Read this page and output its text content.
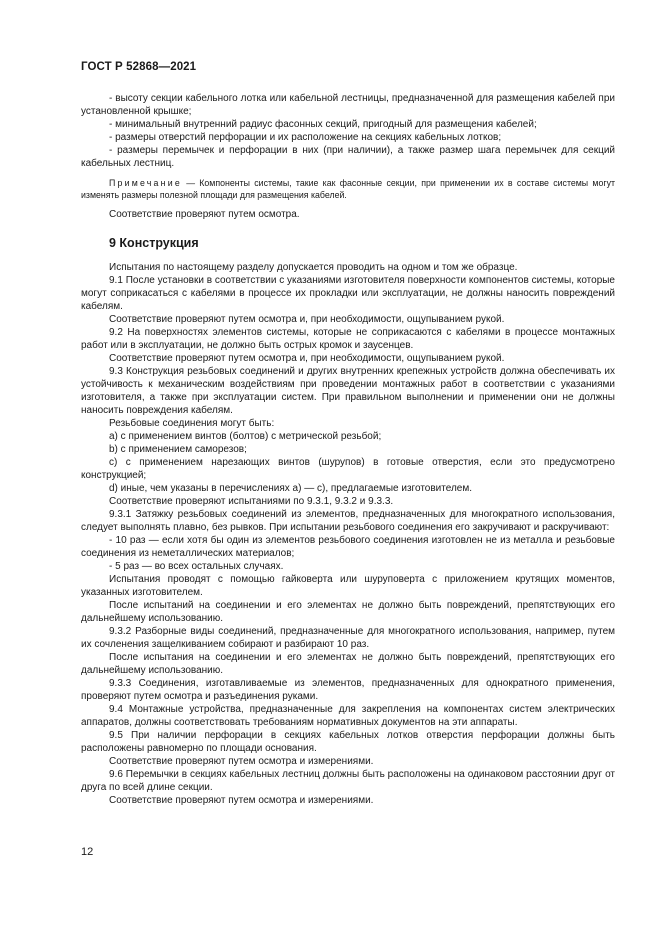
ГОСТ Р 52868—2021

- высоту секции кабельного лотка или кабельной лестницы, предназначенной для размещения кабелей при установленной крышке;

- минимальный внутренний радиус фасонных секций, пригодный для размещения кабелей;

- размеры отверстий перфорации и их расположение на секциях кабельных лотков;

- размеры перемычек и перфорации в них (при наличии), а также размер шага перемычек для секций кабельных лестниц.

Примечание — Компоненты системы, такие как фасонные секции, при применении их в составе системы могут изменять размеры полезной площади для размещения кабелей.

Соответствие проверяют путем осмотра.

9 Конструкция

Испытания по настоящему разделу допускается проводить на одном и том же образце.

9.1 После установки в соответствии с указаниями изготовителя поверхности компонентов системы, которые могут соприкасаться с кабелями в процессе их прокладки или эксплуатации, не должны наносить повреждений кабелям.

Соответствие проверяют путем осмотра и, при необходимости, ощупыванием рукой.

9.2 На поверхностях элементов системы, которые не соприкасаются с кабелями в процессе монтажных работ или в эксплуатации, не должно быть острых кромок и заусенцев.

Соответствие проверяют путем осмотра и, при необходимости, ощупыванием рукой.

9.3 Конструкция резьбовых соединений и других внутренних крепежных устройств должна обеспечивать их устойчивость к механическим воздействиям при проведении монтажных работ в соответствии с указаниями изготовителя, а также при эксплуатации систем. При правильном выполнении и применении они не должны наносить повреждения кабелям.

Резьбовые соединения могут быть:

a) с применением винтов (болтов) с метрической резьбой;

b) с применением саморезов;

c) с применением нарезающих винтов (шурупов) в готовые отверстия, если это предусмотрено конструкцией;

d) иные, чем указаны в перечислениях a) — c), предлагаемые изготовителем.

Соответствие проверяют испытаниями по 9.3.1, 9.3.2 и 9.3.3.

9.3.1 Затяжку резьбовых соединений из элементов, предназначенных для многократного использования, следует выполнять плавно, без рывков. При испытании резьбового соединения его закручивают и раскручивают:

- 10 раз — если хотя бы один из элементов резьбового соединения изготовлен не из металла и резьбовые соединения из неметаллических материалов;

- 5 раз — во всех остальных случаях.

Испытания проводят с помощью гайковерта или шуруповерта с приложением крутящих моментов, указанных изготовителем.

После испытаний на соединении и его элементах не должно быть повреждений, препятствующих его дальнейшему использованию.

9.3.2 Разборные виды соединений, предназначенные для многократного использования, например, путем их сочленения защелкиванием собирают и разбирают 10 раз.

После испытания на соединении и его элементах не должно быть повреждений, препятствующих его дальнейшему использованию.

9.3.3 Соединения, изготавливаемые из элементов, предназначенных для однократного применения, проверяют путем осмотра и разъединения руками.

9.4 Монтажные устройства, предназначенные для закрепления на компонентах систем электрических аппаратов, должны соответствовать требованиям нормативных документов на эти аппараты.

9.5 При наличии перфорации в секциях кабельных лотков отверстия перфорации должны быть расположены равномерно по площади основания.

Соответствие проверяют путем осмотра и измерениями.

9.6 Перемычки в секциях кабельных лестниц должны быть расположены на одинаковом расстоянии друг от друга по всей длине секции.

Соответствие проверяют путем осмотра и измерениями.

12
